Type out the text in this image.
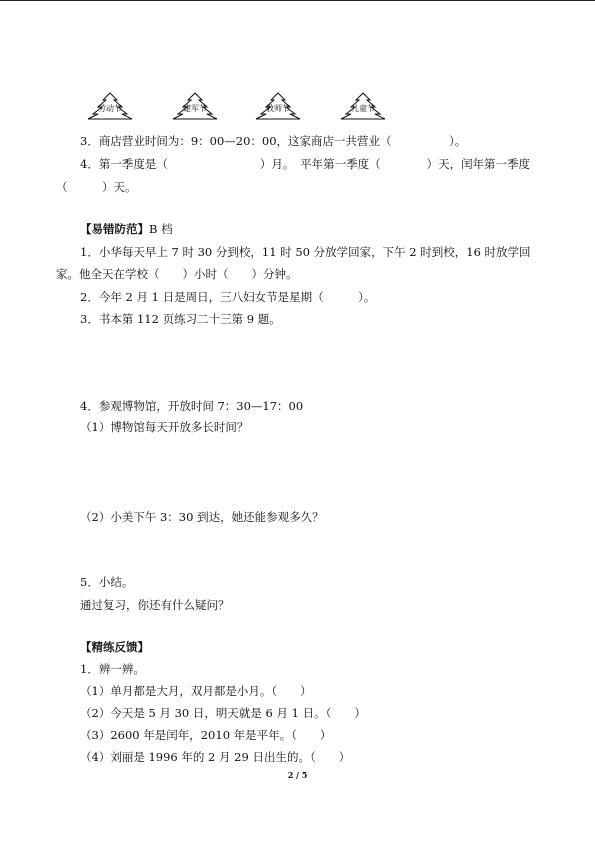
劳动节	建军节	教师节	儿童节
3．商店营业时间为：9：00—20：00，这家商店一共营业（　　　　　）。
4．第一季度是（　　　　　　　　）月。　平年第一季度（　　　　）天，闰年第一季度
（　　　）天。
【易错防范】B 档
1．小华每天早上 7 时 30 分到校，11 时 50 分放学回家，下午 2 时到校，16 时放学回
家。他全天在学校（　　）小时（　　）分钟。
2．今年 2 月 1 日是周日，三八妇女节是星期（　　　）。
3．书本第 112 页练习二十三第 9 题。
4．参观博物馆，开放时间 7：30—17：00
（1）博物馆每天开放多长时间？
（2）小美下午 3：30 到达，她还能参观多久？
5．小结。
通过复习，你还有什么疑问？
【精练反馈】
1．辨一辨。
（1）单月都是大月，双月都是小月。（　　）
（2）今天是 5 月 30 日，明天就是 6 月 1 日。（　　）
（3）2600 年是闰年，2010 年是平年。（　　）
（4）刘丽是 1996 年的 2 月 29 日出生的。（　　）
2 / 5
